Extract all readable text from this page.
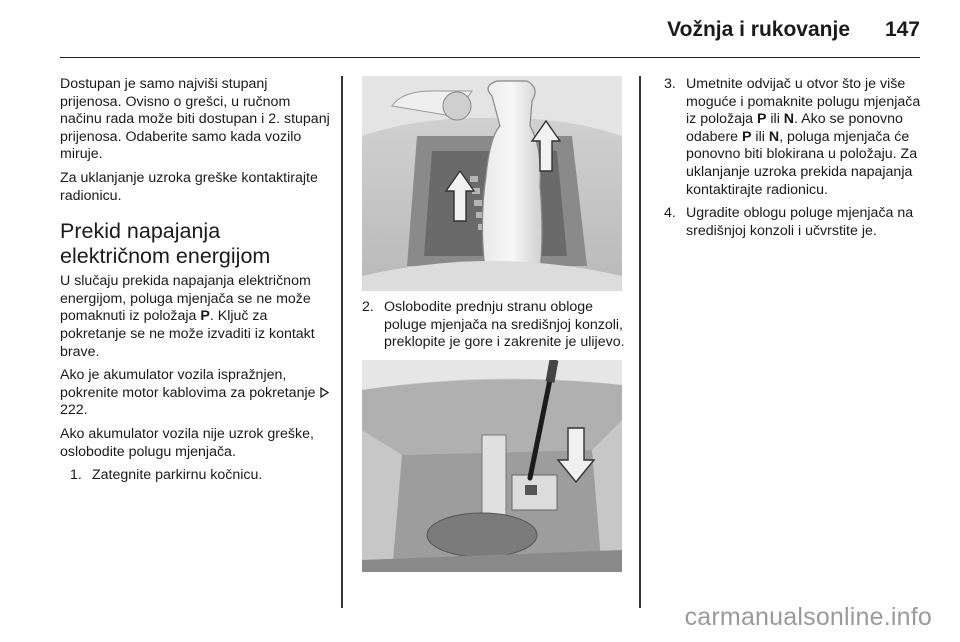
Vožnja i rukovanje 147

Dostupan je samo najviši stupanj prijenosa. Ovisno o grešci, u ručnom načinu rada može biti dostupan i 2. stupanj prijenosa. Odaberite samo kada vozilo miruje.

Za uklanjanje uzroka greške kontaktirajte radionicu.

Prekid napajanja električnom energijom

U slučaju prekida napajanja električnom energijom, poluga mjenjača se ne može pomaknuti iz položaja P. Ključ za pokretanje se ne može izvaditi iz kontakt brave.

Ako je akumulator vozila ispražnjen, pokrenite motor kablovima za pokretanje  222.

Ako akumulator vozila nije uzrok greške, oslobodite polugu mjenjača.

1. Zategnite parkirnu kočnicu.
2. Oslobodite prednju stranu obloge poluge mjenjača na središnjoj konzoli, preklopite je gore i zakrenite je ulijevo.
3. Umetnite odvijač u otvor što je više moguće i pomaknite polugu mjenjača iz položaja P ili N. Ako se ponovno odabere P ili N, poluga mjenjača će ponovno biti blokirana u položaju. Za uklanjanje uzroka prekida napajanja kontaktirajte radionicu.
4. Ugradite oblogu poluge mjenjača na središnjoj konzoli i učvrstite je.
carmanualsonline.info
